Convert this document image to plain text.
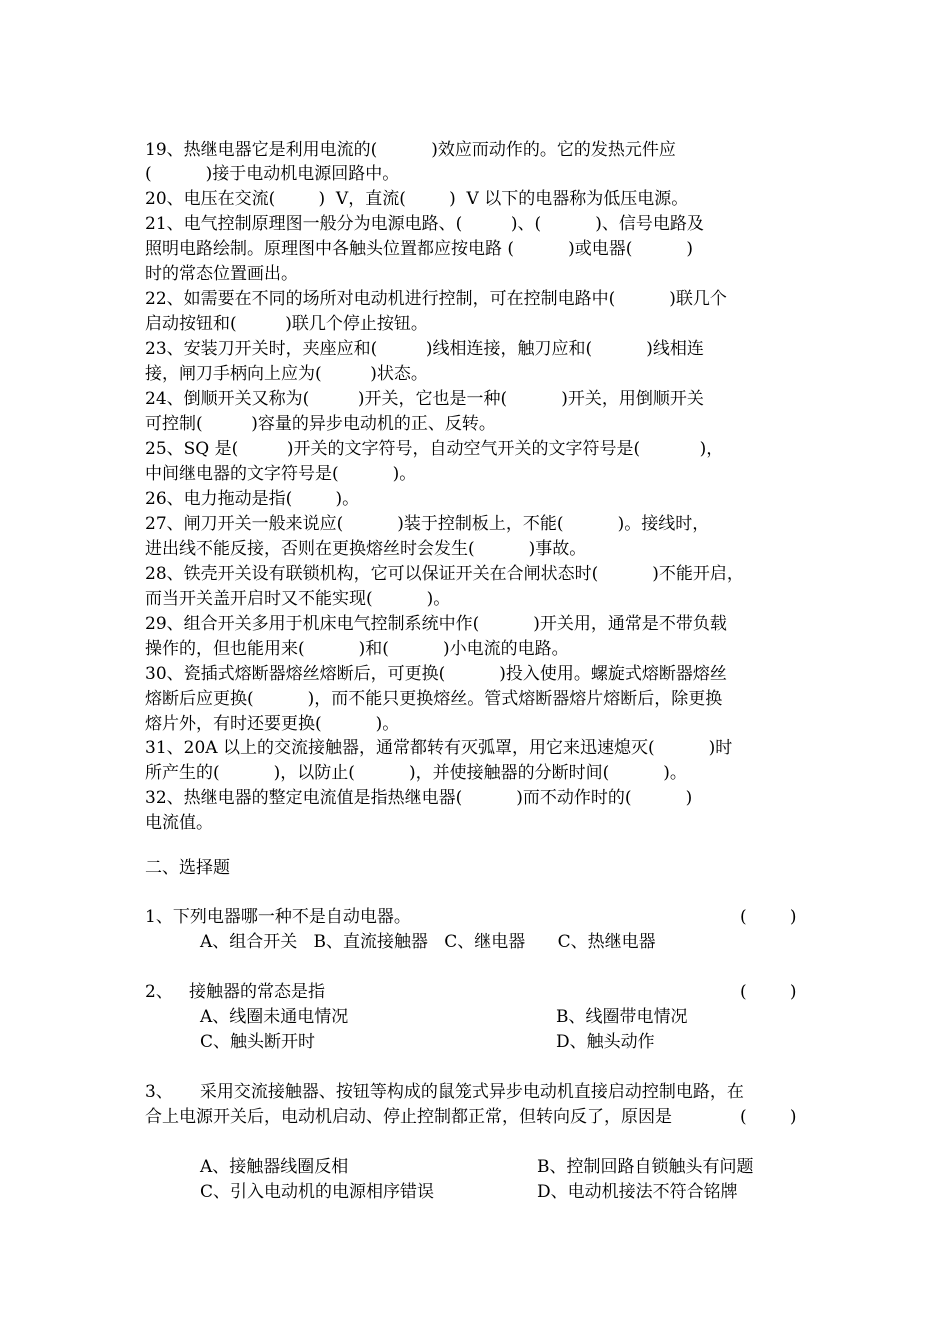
19、热继电器它是利用电流的(          )效应而动作的。它的发热元件应

(          )接于电动机电源回路中。

20、电压在交流(        )  V，直流(        )  V 以下的电器称为低压电源。

21、电气控制原理图一般分为电源电路、(         )、(          )、信号电路及

照明电路绘制。原理图中各触头位置都应按电路 (          )或电器(          )

时的常态位置画出。

22、如需要在不同的场所对电动机进行控制，可在控制电路中(          )联几个

启动按钮和(         )联几个停止按钮。

23、安装刀开关时，夹座应和(         )线相连接，触刀应和(          )线相连

接，闸刀手柄向上应为(         )状态。

24、倒顺开关又称为(         )开关，它也是一种(          )开关，用倒顺开关

可控制(         )容量的异步电动机的正、反转。

25、SQ 是(         )开关的文字符号，自动空气开关的文字符号是(           )，

中间继电器的文字符号是(          )。

26、电力拖动是指(        )。

27、闸刀开关一般来说应(          )装于控制板上，不能(          )。接线时，

进出线不能反接，否则在更换熔丝时会发生(          )事故。

28、铁壳开关设有联锁机构，它可以保证开关在合闸状态时(          )不能开启，

而当开关盖开启时又不能实现(          )。

29、组合开关多用于机床电气控制系统中作(          )开关用，通常是不带负载

操作的，但也能用来(          )和(          )小电流的电路。

30、瓷插式熔断器熔丝熔断后，可更换(          )投入使用。螺旋式熔断器熔丝

熔断后应更换(          )，而不能只更换熔丝。管式熔断器熔片熔断后，除更换

熔片外，有时还要更换(          )。

31、20A 以上的交流接触器，通常都转有灭弧罩，用它来迅速熄灭(          )时

所产生的(          )，以防止(          )，并使接触器的分断时间(          )。

32、热继电器的整定电流值是指热继电器(          )而不动作时的(          )

电流值。

二、选择题

1、下列电器哪一种不是自动电器。	(        )

A、组合开关   B、直流接触器   C、继电器      C、热继电器

2、   接触器的常态是指	(        )

A、线圈未通电情况	B、线圈带电情况

C、触头断开时	D、触头动作

3、     采用交流接触器、按钮等构成的鼠笼式异步电动机直接启动控制电路，在

合上电源开关后，电动机启动、停止控制都正常，但转向反了，原因是	(        )

A、接触器线圈反相	B、控制回路自锁触头有问题

C、引入电动机的电源相序错误	D、电动机接法不符合铭牌
